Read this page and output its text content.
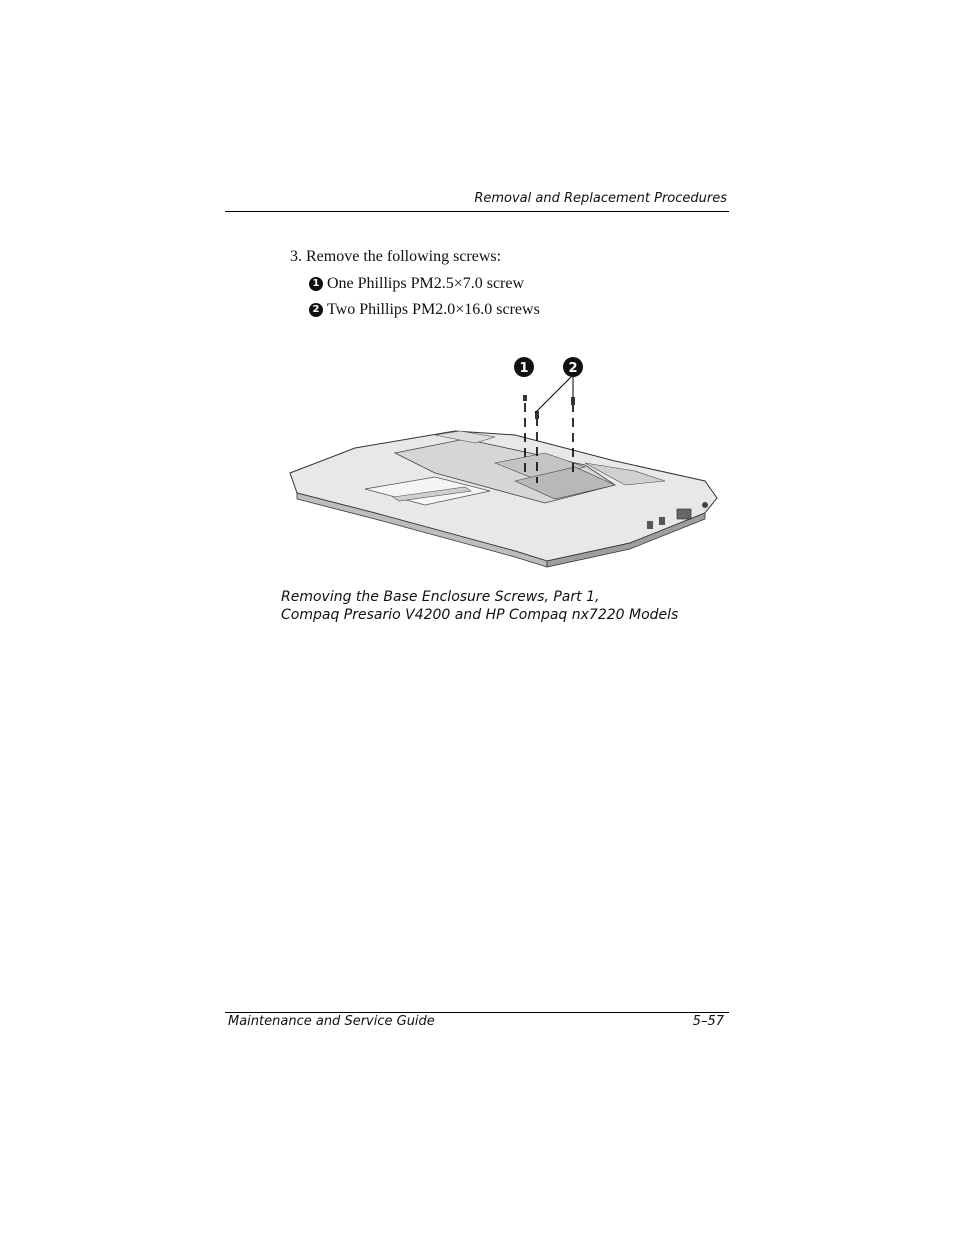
Removal and Replacement Procedures
3. Remove the following screws:
1 One Phillips PM2.5×7.0 screw
2 Two Phillips PM2.0×16.0 screws
1	2
Removing the Base Enclosure Screws, Part 1,
Compaq Presario V4200 and HP Compaq nx7220 Models
Maintenance and Service Guide	5–57
